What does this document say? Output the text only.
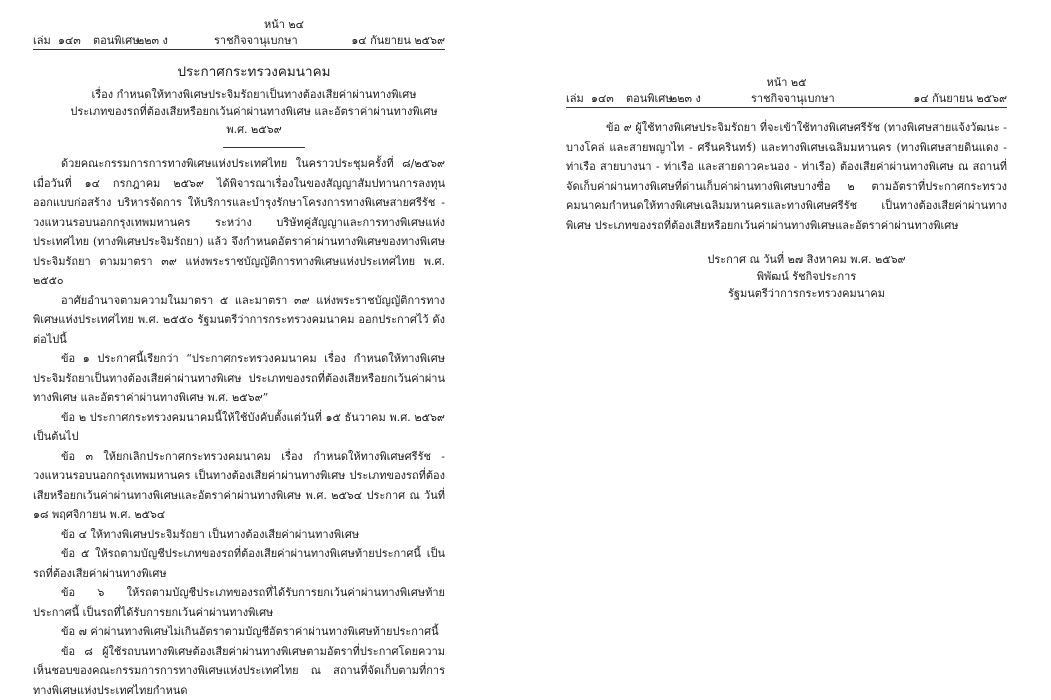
หน้า ๒๔

เล่ม ๑๔๓ ตอนพิเศษ
๒๒๓ ง	ราชกิจจานุเบกษา	๑๔ กันยายน ๒๕๖๙

ประกาศกระทรวงคมนาคม

เรื่อง กำหนดให้ทางพิเศษประจิมรัถยาเป็นทางต้องเสียค่าผ่านทางพิเศษ

ประเภทของรถที่ต้องเสียหรือยกเว้นค่าผ่านทางพิเศษ และอัตราค่าผ่านทางพิเศษ

พ.ศ. ๒๕๖๙

ด้วยคณะกรรมการการทางพิเศษแห่งประเทศไทย ในคราวประชุมครั้งที่ ๘/๒๕๖๙ เมื่อวันที่ ๑๔ กรกฎาคม ๒๕๖๙ ได้พิจารณาเรื่องในของสัญญาสัมปทานการลงทุน ออกแบบก่อสร้าง บริหารจัดการ ให้บริการและบำรุงรักษาโครงการทางพิเศษสายศรีรัช - วงแหวนรอบนอกกรุงเทพมหานคร ระหว่าง บริษัทคู่สัญญาและการทางพิเศษแห่งประเทศไทย (ทางพิเศษประจิมรัถยา) แล้ว จึงกำหนดอัตราค่าผ่านทางพิเศษของทางพิเศษประจิมรัถยา ตามมาตรา ๓๙ แห่งพระราชบัญญัติการทางพิเศษแห่งประเทศไทย พ.ศ. ๒๕๕๐

อาศัยอำนาจตามความในมาตรา ๕ และมาตรา ๓๙ แห่งพระราชบัญญัติการทางพิเศษแห่งประเทศไทย พ.ศ. ๒๕๕๐ รัฐมนตรีว่าการกระทรวงคมนาคม ออกประกาศไว้ ดังต่อไปนี้

ข้อ ๑ ประกาศนี้เรียกว่า “ประกาศกระทรวงคมนาคม เรื่อง กำหนดให้ทางพิเศษประจิมรัถยาเป็นทางต้องเสียค่าผ่านทางพิเศษ ประเภทของรถที่ต้องเสียหรือยกเว้นค่าผ่านทางพิเศษ และอัตราค่าผ่านทางพิเศษ พ.ศ. ๒๕๖๙”

ข้อ ๒ ประกาศกระทรวงคมนาคมนี้ให้ใช้บังคับตั้งแต่วันที่ ๑๕ ธันวาคม พ.ศ. ๒๕๖๙ เป็นต้นไป

ข้อ ๓ ให้ยกเลิกประกาศกระทรวงคมนาคม เรื่อง กำหนดให้ทางพิเศษศรีรัช - วงแหวนรอบนอกกรุงเทพมหานคร เป็นทางต้องเสียค่าผ่านทางพิเศษ ประเภทของรถที่ต้องเสียหรือยกเว้นค่าผ่านทางพิเศษและอัตราค่าผ่านทางพิเศษ พ.ศ. ๒๕๖๔ ประกาศ ณ วันที่ ๑๘ พฤศจิกายน พ.ศ. ๒๕๖๔

ข้อ ๔ ให้ทางพิเศษประจิมรัถยา เป็นทางต้องเสียค่าผ่านทางพิเศษ

ข้อ ๕ ให้รถตามบัญชีประเภทของรถที่ต้องเสียค่าผ่านทางพิเศษท้ายประกาศนี้ เป็นรถที่ต้องเสียค่าผ่านทางพิเศษ

ข้อ ๖ ให้รถตามบัญชีประเภทของรถที่ได้รับการยกเว้นค่าผ่านทางพิเศษท้ายประกาศนี้ เป็นรถที่ได้รับการยกเว้นค่าผ่านทางพิเศษ

ข้อ ๗ ค่าผ่านทางพิเศษไม่เกินอัตราตามบัญชีอัตราค่าผ่านทางพิเศษท้ายประกาศนี้

ข้อ ๘ ผู้ใช้รถบนทางพิเศษต้องเสียค่าผ่านทางพิเศษตามอัตราที่ประกาศโดยความเห็นชอบของคณะกรรมการการทางพิเศษแห่งประเทศไทย ณ สถานที่จัดเก็บตามที่การทางพิเศษแห่งประเทศไทยกำหนด

หน้า ๒๕

เล่ม ๑๔๓ ตอนพิเศษ
๒๒๓ ง	ราชกิจจานุเบกษา	๑๔ กันยายน ๒๕๖๙

ข้อ ๙ ผู้ใช้ทางพิเศษประจิมรัถยา ที่จะเข้าใช้ทางพิเศษศรีรัช (ทางพิเศษสายแจ้งวัฒนะ - บางโคล่ และสายพญาไท - ศรีนครินทร์) และทางพิเศษเฉลิมมหานคร (ทางพิเศษสายดินแดง - ท่าเรือ สายบางนา - ท่าเรือ และสายดาวคะนอง - ท่าเรือ) ต้องเสียค่าผ่านทางพิเศษ ณ สถานที่จัดเก็บค่าผ่านทางพิเศษที่ด่านเก็บค่าผ่านทางพิเศษบางซื่อ ๒ ตามอัตราที่ประกาศกระทรวงคมนาคมกำหนดให้ทางพิเศษเฉลิมมหานครและทางพิเศษศรีรัช เป็นทางต้องเสียค่าผ่านทางพิเศษ ประเภทของรถที่ต้องเสียหรือยกเว้นค่าผ่านทางพิเศษและอัตราค่าผ่านทางพิเศษ

ประกาศ ณ วันที่ ๒๗ สิงหาคม พ.ศ. ๒๕๖๙

พิพัฒน์ รัชกิจประการ

รัฐมนตรีว่าการกระทรวงคมนาคม
